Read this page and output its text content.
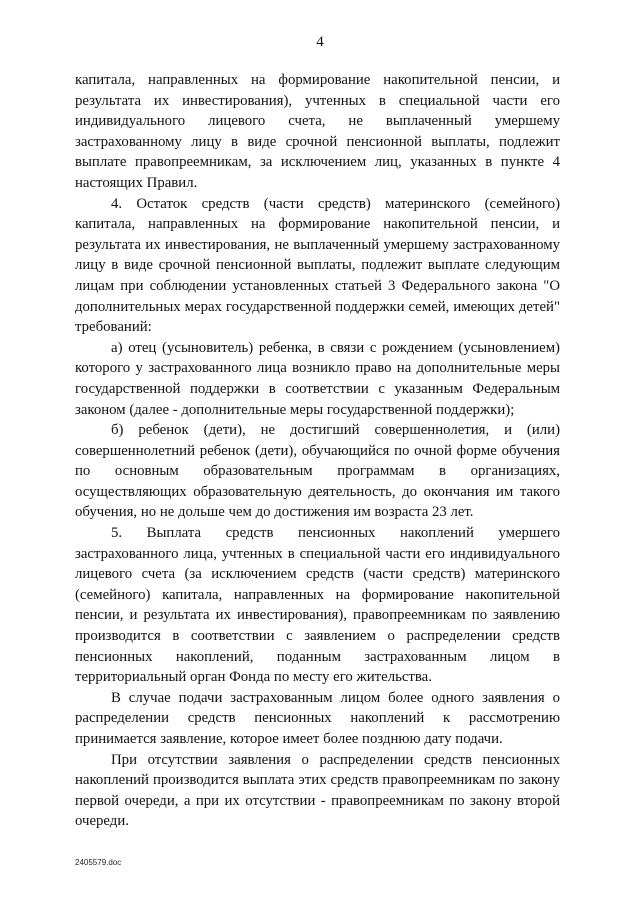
4

капитала, направленных на формирование накопительной пенсии, и результата их инвестирования), учтенных в специальной части его индивидуального лицевого счета, не выплаченный умершему застрахованному лицу в виде срочной пенсионной выплаты, подлежит выплате правопреемникам, за исключением лиц, указанных в пункте 4 настоящих Правил.

4. Остаток средств (части средств) материнского (семейного) капитала, направленных на формирование накопительной пенсии, и результата их инвестирования, не выплаченный умершему застрахованному лицу в виде срочной пенсионной выплаты, подлежит выплате следующим лицам при соблюдении установленных статьей 3 Федерального закона "О дополнительных мерах государственной поддержки семей, имеющих детей" требований:

а) отец (усыновитель) ребенка, в связи с рождением (усыновлением) которого у застрахованного лица возникло право на дополнительные меры государственной поддержки в соответствии с указанным Федеральным законом (далее - дополнительные меры государственной поддержки);

б) ребенок (дети), не достигший совершеннолетия, и (или) совершеннолетний ребенок (дети), обучающийся по очной форме обучения по основным образовательным программам в организациях, осуществляющих образовательную деятельность, до окончания им такого обучения, но не дольше чем до достижения им возраста 23 лет.

5. Выплата средств пенсионных накоплений умершего застрахованного лица, учтенных в специальной части его индивидуального лицевого счета (за исключением средств (части средств) материнского (семейного) капитала, направленных на формирование накопительной пенсии, и результата их инвестирования), правопреемникам по заявлению производится в соответствии с заявлением о распределении средств пенсионных накоплений, поданным застрахованным лицом в территориальный орган Фонда по месту его жительства.

В случае подачи застрахованным лицом более одного заявления о распределении средств пенсионных накоплений к рассмотрению принимается заявление, которое имеет более позднюю дату подачи.

При отсутствии заявления о распределении средств пенсионных накоплений производится выплата этих средств правопреемникам по закону первой очереди, а при их отсутствии - правопреемникам по закону второй очереди.

2405579.doc
